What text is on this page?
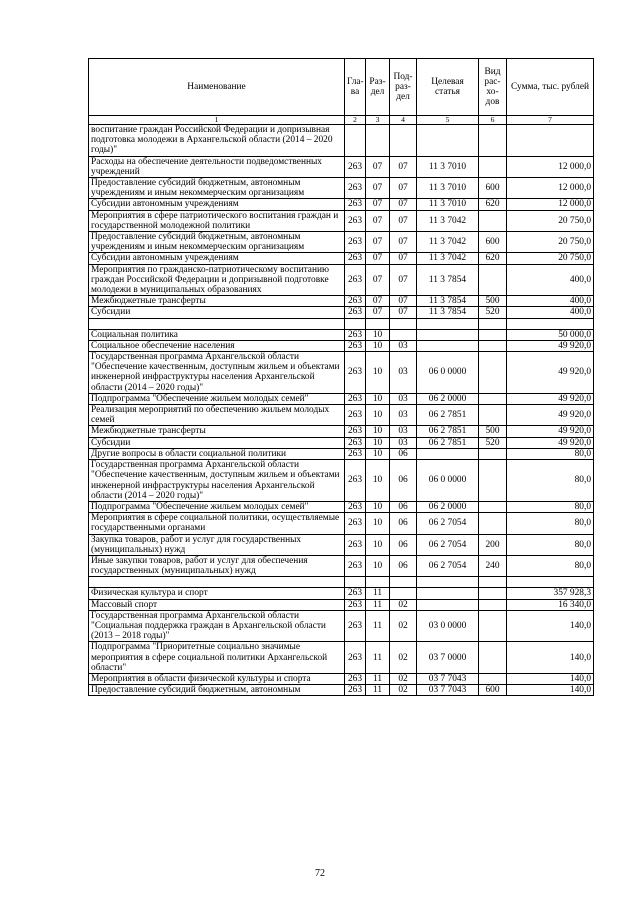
Наименование	Гла-ва	Раз-дел	Под-раз-дел	Целевая статья	Вид рас-хо-дов	Сумма, тыс. рублей
1	2	3	4	5	6	7
воспитание граждан Российской Федерации и допризывная подготовка молодежи в Архангельской области (2014 – 2020 годы)"						
Расходы на обеспечение деятельности подведомственных учреждений	263	07	07	11 3 7010		12 000,0
Предоставление субсидий бюджетным, автономным учреждениям и иным некоммерческим организациям	263	07	07	11 3 7010	600	12 000,0
Субсидии автономным учреждениям	263	07	07	11 3 7010	620	12 000,0
Мероприятия в сфере патриотического воспитания граждан и государственной молодежной политики	263	07	07	11 3 7042		20 750,0
Предоставление субсидий бюджетным, автономным учреждениям и иным некоммерческим организациям	263	07	07	11 3 7042	600	20 750,0
Субсидии автономным учреждениям	263	07	07	11 3 7042	620	20 750,0
Мероприятия по гражданско-патриотическому воспитанию граждан Российской Федерации и допризывной подготовке молодежи в муниципальных образованиях	263	07	07	11 3 7854		400,0
Межбюджетные трансферты	263	07	07	11 3 7854	500	400,0
Субсидии	263	07	07	11 3 7854	520	400,0

Социальная политика	263	10				50 000,0
Социальное обеспечение населения	263	10	03			49 920,0
Государственная программа Архангельской области "Обеспечение качественным, доступным жильем и объектами инженерной инфраструктуры населения Архангельской области (2014 – 2020 годы)"	263	10	03	06 0 0000		49 920,0
Подпрограмма "Обеспечение жильем молодых семей"	263	10	03	06 2 0000		49 920,0
Реализация мероприятий по обеспечению жильем молодых семей	263	10	03	06 2 7851		49 920,0
Межбюджетные трансферты	263	10	03	06 2 7851	500	49 920,0
Субсидии	263	10	03	06 2 7851	520	49 920,0
Другие вопросы в области социальной политики	263	10	06			80,0
Государственная программа Архангельской области "Обеспечение качественным, доступным жильем и объектами инженерной инфраструктуры населения Архангельской области (2014 – 2020 годы)"	263	10	06	06 0 0000		80,0
Подпрограмма "Обеспечение жильем молодых семей"	263	10	06	06 2 0000		80,0
Мероприятия в сфере социальной политики, осуществляемые государственными органами	263	10	06	06 2 7054		80,0
Закупка товаров, работ и услуг для государственных (муниципальных) нужд	263	10	06	06 2 7054	200	80,0
Иные закупки товаров, работ и услуг для обеспечения государственных (муниципальных) нужд	263	10	06	06 2 7054	240	80,0

Физическая культура и спорт	263	11				357 928,3
Массовый спорт	263	11	02			16 340,0
Государственная программа Архангельской области "Социальная поддержка граждан в Архангельской области (2013 – 2018 годы)"	263	11	02	03 0 0000		140,0
Подпрограмма "Приоритетные социально значимые мероприятия в сфере социальной политики Архангельской области"	263	11	02	03 7 0000		140,0
Мероприятия в области физической культуры и спорта	263	11	02	03 7 7043		140,0
Предоставление субсидий бюджетным, автономным	263	11	02	03 7 7043	600	140,0
72
